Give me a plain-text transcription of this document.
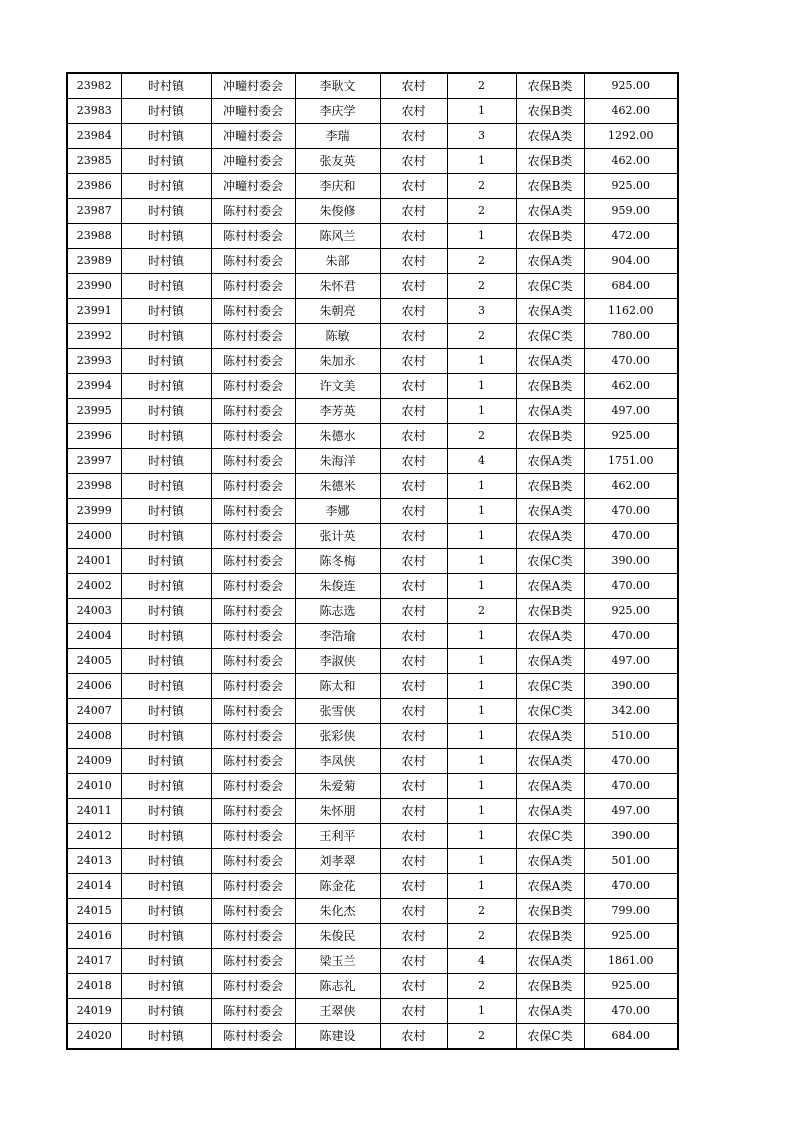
23982	时村镇	冲疃村委会	李耿文	农村	2	农保B类	925.00
23983	时村镇	冲疃村委会	李庆学	农村	1	农保B类	462.00
23984	时村镇	冲疃村委会	李瑞	农村	3	农保A类	1292.00
23985	时村镇	冲疃村委会	张友英	农村	1	农保B类	462.00
23986	时村镇	冲疃村委会	李庆和	农村	2	农保B类	925.00
23987	时村镇	陈村村委会	朱俊修	农村	2	农保A类	959.00
23988	时村镇	陈村村委会	陈风兰	农村	1	农保B类	472.00
23989	时村镇	陈村村委会	朱部	农村	2	农保A类	904.00
23990	时村镇	陈村村委会	朱怀君	农村	2	农保C类	684.00
23991	时村镇	陈村村委会	朱朝亮	农村	3	农保A类	1162.00
23992	时村镇	陈村村委会	陈敏	农村	2	农保C类	780.00
23993	时村镇	陈村村委会	朱加永	农村	1	农保A类	470.00
23994	时村镇	陈村村委会	许文美	农村	1	农保B类	462.00
23995	时村镇	陈村村委会	李芳英	农村	1	农保A类	497.00
23996	时村镇	陈村村委会	朱德水	农村	2	农保B类	925.00
23997	时村镇	陈村村委会	朱海洋	农村	4	农保A类	1751.00
23998	时村镇	陈村村委会	朱德米	农村	1	农保B类	462.00
23999	时村镇	陈村村委会	李娜	农村	1	农保A类	470.00
24000	时村镇	陈村村委会	张计英	农村	1	农保A类	470.00
24001	时村镇	陈村村委会	陈冬梅	农村	1	农保C类	390.00
24002	时村镇	陈村村委会	朱俊连	农村	1	农保A类	470.00
24003	时村镇	陈村村委会	陈志选	农村	2	农保B类	925.00
24004	时村镇	陈村村委会	李浩瑜	农村	1	农保A类	470.00
24005	时村镇	陈村村委会	李淑侠	农村	1	农保A类	497.00
24006	时村镇	陈村村委会	陈太和	农村	1	农保C类	390.00
24007	时村镇	陈村村委会	张雪侠	农村	1	农保C类	342.00
24008	时村镇	陈村村委会	张彩侠	农村	1	农保A类	510.00
24009	时村镇	陈村村委会	李凤侠	农村	1	农保A类	470.00
24010	时村镇	陈村村委会	朱爱菊	农村	1	农保A类	470.00
24011	时村镇	陈村村委会	朱怀朋	农村	1	农保A类	497.00
24012	时村镇	陈村村委会	王利平	农村	1	农保C类	390.00
24013	时村镇	陈村村委会	刘孝翠	农村	1	农保A类	501.00
24014	时村镇	陈村村委会	陈金花	农村	1	农保A类	470.00
24015	时村镇	陈村村委会	朱化杰	农村	2	农保B类	799.00
24016	时村镇	陈村村委会	朱俊民	农村	2	农保B类	925.00
24017	时村镇	陈村村委会	梁玉兰	农村	4	农保A类	1861.00
24018	时村镇	陈村村委会	陈志礼	农村	2	农保B类	925.00
24019	时村镇	陈村村委会	王翠侠	农村	1	农保A类	470.00
24020	时村镇	陈村村委会	陈建设	农村	2	农保C类	684.00
